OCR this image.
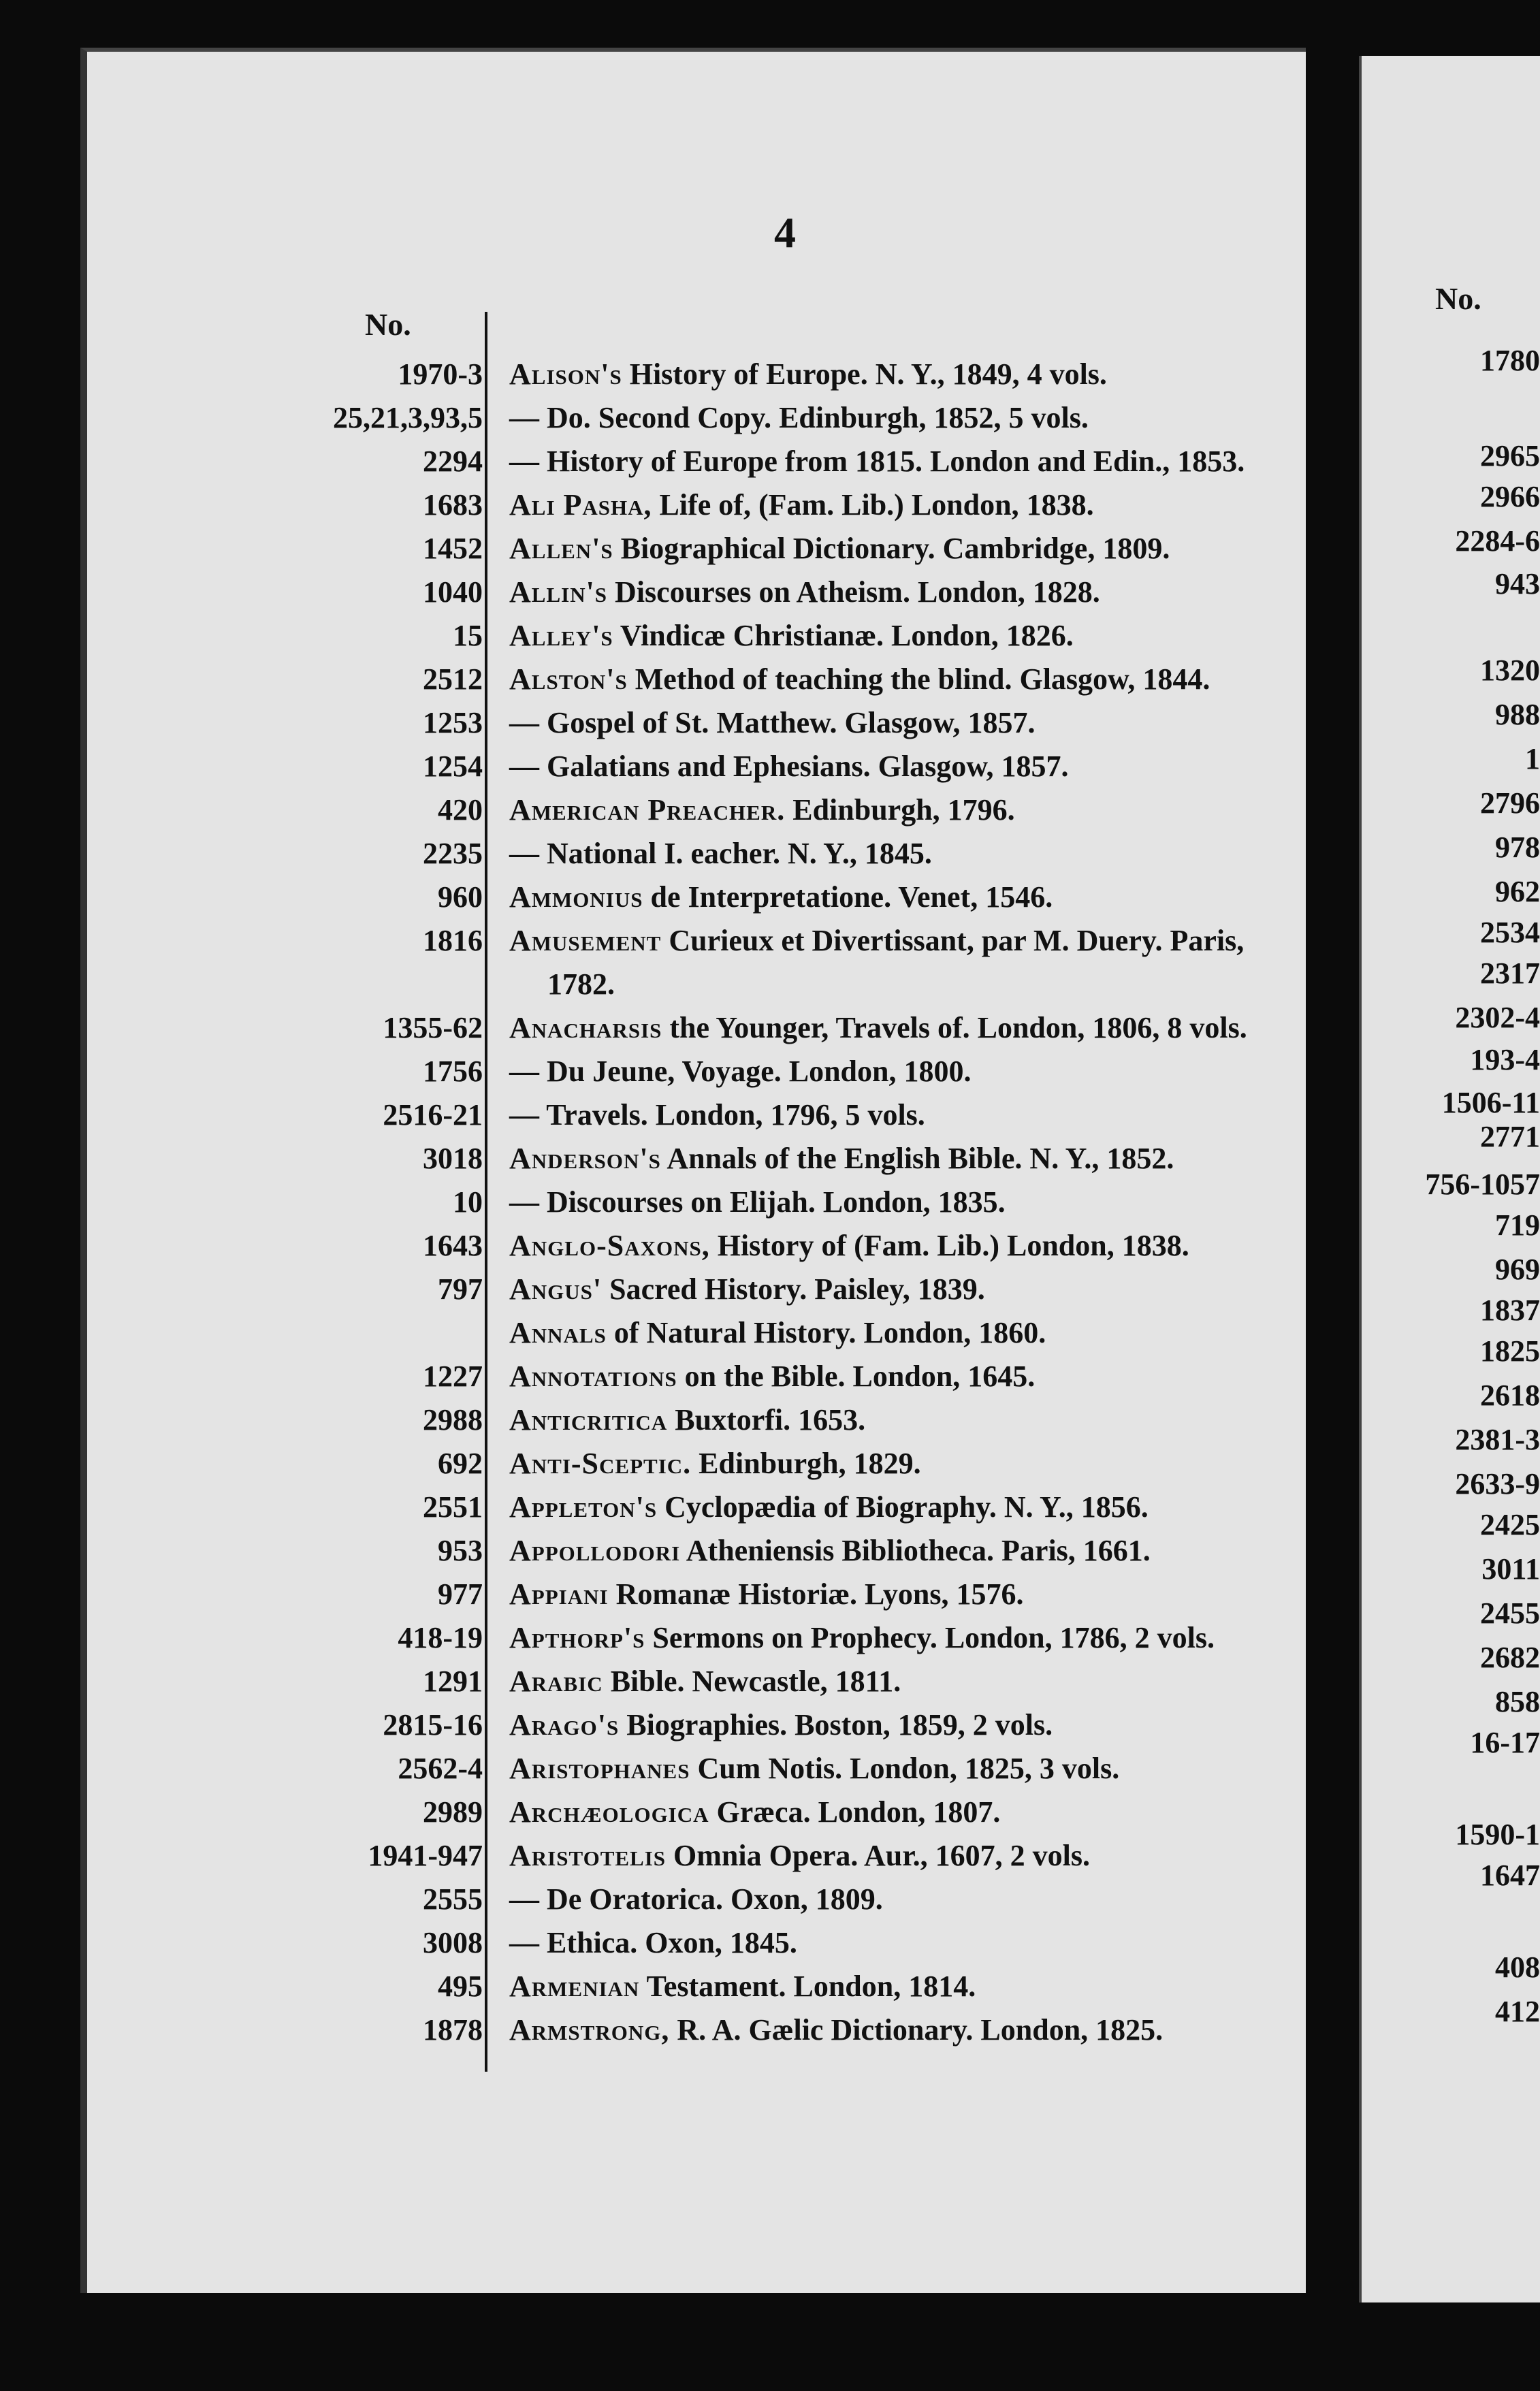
4
No.
1970-3 Alison's History of Europe. N. Y., 1849, 4 vols.
25,21,3,93,5 — Do. Second Copy. Edinburgh, 1852, 5 vols.
2294 — History of Europe from 1815. London and Edin., 1853.
1683 Ali Pasha, Life of, (Fam. Lib.) London, 1838.
1452 Allen's Biographical Dictionary. Cambridge, 1809.
1040 Allin's Discourses on Atheism. London, 1828.
15 Alley's Vindicæ Christianæ. London, 1826.
2512 Alston's Method of teaching the blind. Glasgow, 1844.
1253 — Gospel of St. Matthew. Glasgow, 1857.
1254 — Galatians and Ephesians. Glasgow, 1857.
420 American Preacher. Edinburgh, 1796.
2235 — National I. eacher. N. Y., 1845.
960 Ammonius de Interpretatione. Venet, 1546.
1816 Amusement Curieux et Divertissant, par M. Duery. Paris,
1782.
1355-62 Anacharsis the Younger, Travels of. London, 1806, 8 vols.
1756 — Du Jeune, Voyage. London, 1800.
2516-21 — Travels. London, 1796, 5 vols.
3018 Anderson's Annals of the English Bible. N. Y., 1852.
10 — Discourses on Elijah. London, 1835.
1643 Anglo-Saxons, History of (Fam. Lib.) London, 1838.
797 Angus' Sacred History. Paisley, 1839.
Annals of Natural History. London, 1860.
1227 Annotations on the Bible. London, 1645.
2988 Anticritica Buxtorfi. 1653.
692 Anti-Sceptic. Edinburgh, 1829.
2551 Appleton's Cyclopædia of Biography. N. Y., 1856.
953 Appollodori Atheniensis Bibliotheca. Paris, 1661.
977 Appiani Romanæ Historiæ. Lyons, 1576.
418-19 Apthorp's Sermons on Prophecy. London, 1786, 2 vols.
1291 Arabic Bible. Newcastle, 1811.
2815-16 Arago's Biographies. Boston, 1859, 2 vols.
2562-4 Aristophanes Cum Notis. London, 1825, 3 vols.
2989 Archæologica Græca. London, 1807.
1941-947 Aristotelis Omnia Opera. Aur., 1607, 2 vols.
2555 — De Oratorica. Oxon, 1809.
3008 — Ethica. Oxon, 1845.
495 Armenian Testament. London, 1814.
1878 Armstrong, R. A. Gælic Dictionary. London, 1825.
No.
1780
2965
2966
2284-6
943
1320
988
1
2796
978
962
2534
2317
2302-4
193-4
1506-11
2771
756-1057
719
969
1837
1825
2618
2381-3
2633-9
2425
3011
2455
2682
858
16-17
1590-1
1647
408
412
